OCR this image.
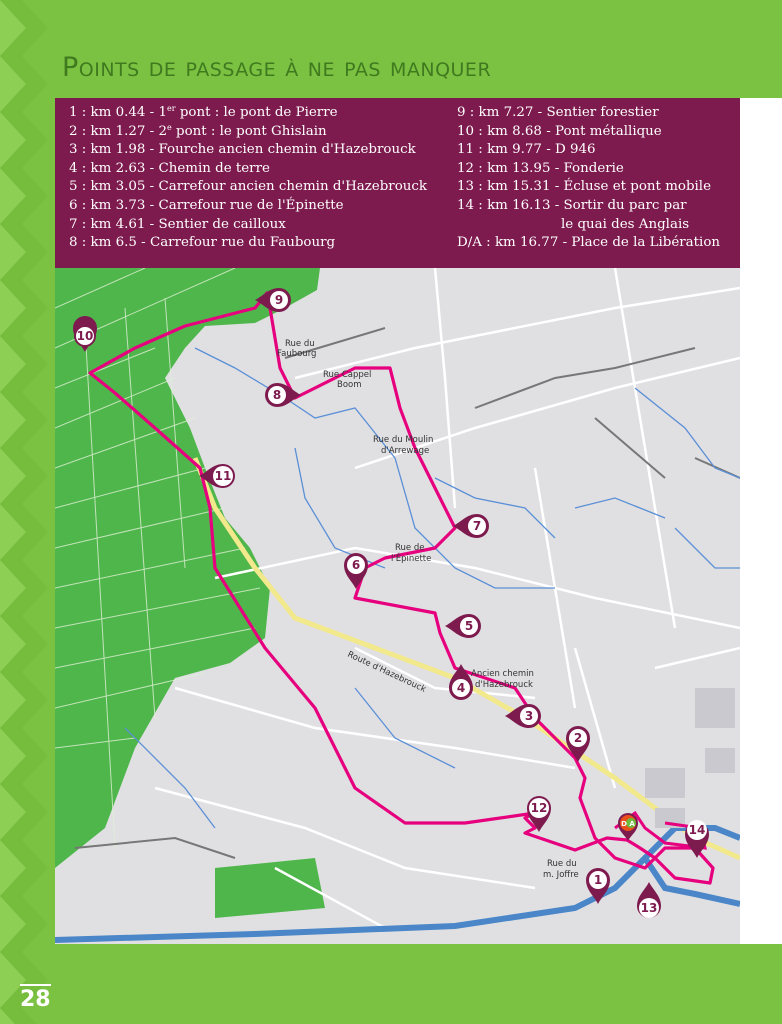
Points de passage à ne pas manquer
1 : km 0.44 - 1er pont : le pont de Pierre
2 : km 1.27 - 2e pont : le pont Ghislain
3 : km 1.98 - Fourche ancien chemin d'Hazebrouck
4 : km 2.63 - Chemin de terre
5 : km 3.05 - Carrefour ancien chemin d'Hazebrouck
6 : km 3.73 - Carrefour rue de l'Épinette
7 : km 4.61 - Sentier de cailloux
8 : km 6.5 - Carrefour rue du Faubourg
9 : km 7.27 - Sentier forestier
10 : km 8.68 - Pont métallique
11 : km 9.77 - D 946
12 : km 13.95 - Fonderie
13 : km 15.31 - Écluse et pont mobile
14 : km 16.13 - Sortir du parc par
le quai des Anglais
D/A : km 16.77 - Place de la Libération
Rue du
Faubourg
Rue Cappel
Boom
Rue du Moulin
d'Arrewage
Rue de
l'Épinette
Ancien chemin
d'Hazebrouck
Route d'Hazebrouck
Rue du
m. Joffre 1
2
3
4
5
6
7
8
9
10
11
12
13
14
D A
28
